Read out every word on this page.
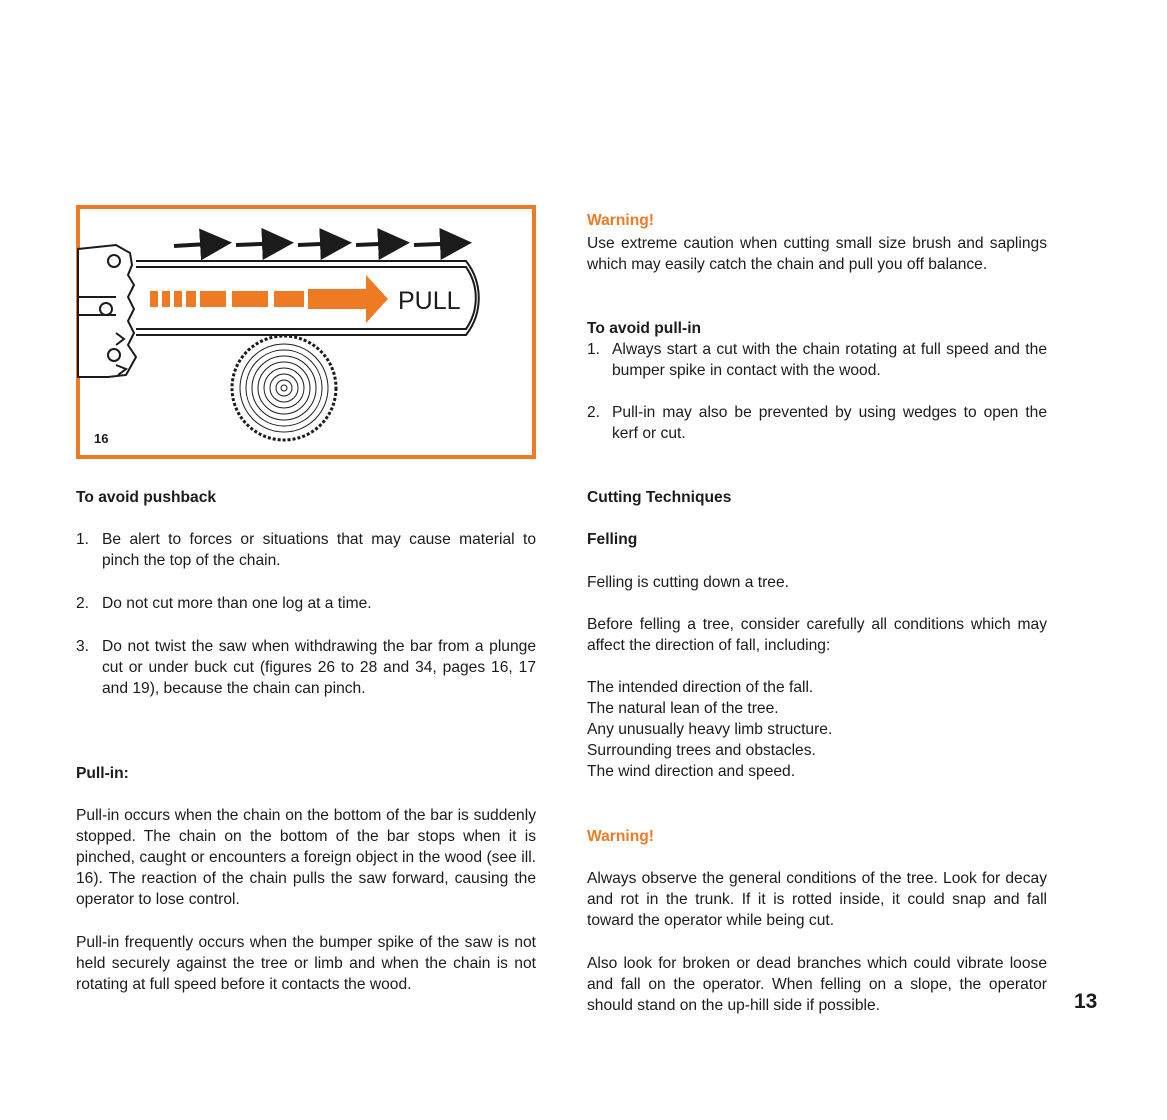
PULL
16
To avoid pushback
1. Be alert to forces or situations that may cause material to pinch the top of the chain.
2. Do not cut more than one log at a time.
3. Do not twist the saw when withdrawing the bar from a plunge cut or under buck cut (figures 26 to 28 and 34, pages 16, 17 and 19), because the chain can pinch.
Pull-in:
Pull-in occurs when the chain on the bottom of the bar is suddenly stopped. The chain on the bottom of the bar stops when it is pinched, caught or encounters a foreign object in the wood (see ill. 16). The reaction of the chain pulls the saw forward, causing the operator to lose control.
Pull-in frequently occurs when the bumper spike of the saw is not held securely against the tree or limb and when the chain is not rotating at full speed before it contacts the wood.
Warning!
Use extreme caution when cutting small size brush and saplings which may easily catch the chain and pull you off balance.
To avoid pull-in
1. Always start a cut with the chain rotating at full speed and the bumper spike in contact with the wood.
2. Pull-in may also be prevented by using wedges to open the kerf or cut.
Cutting Techniques
Felling
Felling is cutting down a tree.
Before felling a tree, consider carefully all conditions which may affect the direction of fall, including:
The intended direction of the fall.
The natural lean of the tree.
Any unusually heavy limb structure.
Surrounding trees and obstacles.
The wind direction and speed.
Warning!
Always observe the general conditions of the tree. Look for decay and rot in the trunk. If it is rotted inside, it could snap and fall toward the operator while being cut.
Also look for broken or dead branches which could vibrate loose and fall on the operator. When felling on a slope, the operator should stand on the up-hill side if possible.	13
